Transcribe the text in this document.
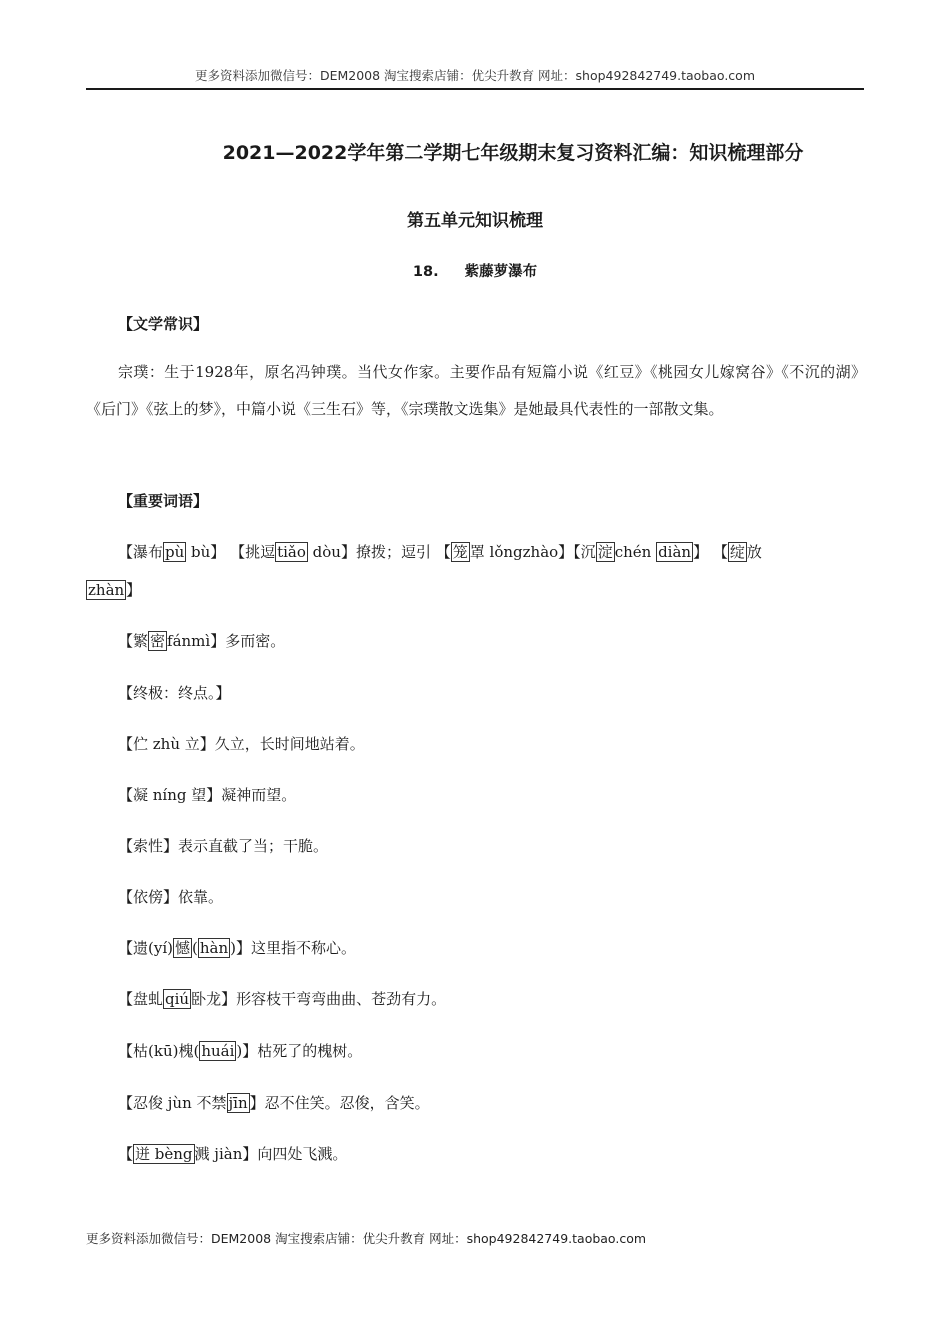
更多资料添加微信号：DEM2008 淘宝搜索店铺：优尖升教育 网址：shop492842749.taobao.com
2021—2022学年第二学期七年级期末复习资料汇编：知识梳理部分
第五单元知识梳理
18. 紫藤萝瀑布
【文学常识】
宗璞：生于1928年，原名冯钟璞。当代女作家。主要作品有短篇小说《红豆》《桃园女儿嫁窝谷》《不沉的湖》《后门》《弦上的梦》，中篇小说《三生石》等，《宗璞散文选集》是她最具代表性的一部散文集。
【重要词语】
【瀑布 pù bù】 【挑逗 tiǎo dòu】撩拨；逗引 【 笼 罩 lǒngzhào】【沉 淀 chén diàn 】 【 绽 放
zhàn 】
【繁 密 fánmì】多而密。
【终极：终点。】
【伫 zhù 立】久立，长时间地站着。
【凝 níng 望】凝神而望。
【索性】表示直截了当；干脆。
【依傍】依靠。
【遗(yí) 憾 ( hàn )】这里指不称心。
【盘虬 qiú 卧龙】形容枝干弯弯曲曲、苍劲有力。
【枯(kū)槐( huái )】枯死了的槐树。
【忍俊 jùn 不禁 jīn 】忍不住笑。忍俊，含笑。
【 迸 bèng 溅 jiàn】向四处飞溅。
更多资料添加微信号：DEM2008 淘宝搜索店铺：优尖升教育 网址：shop492842749.taobao.com
